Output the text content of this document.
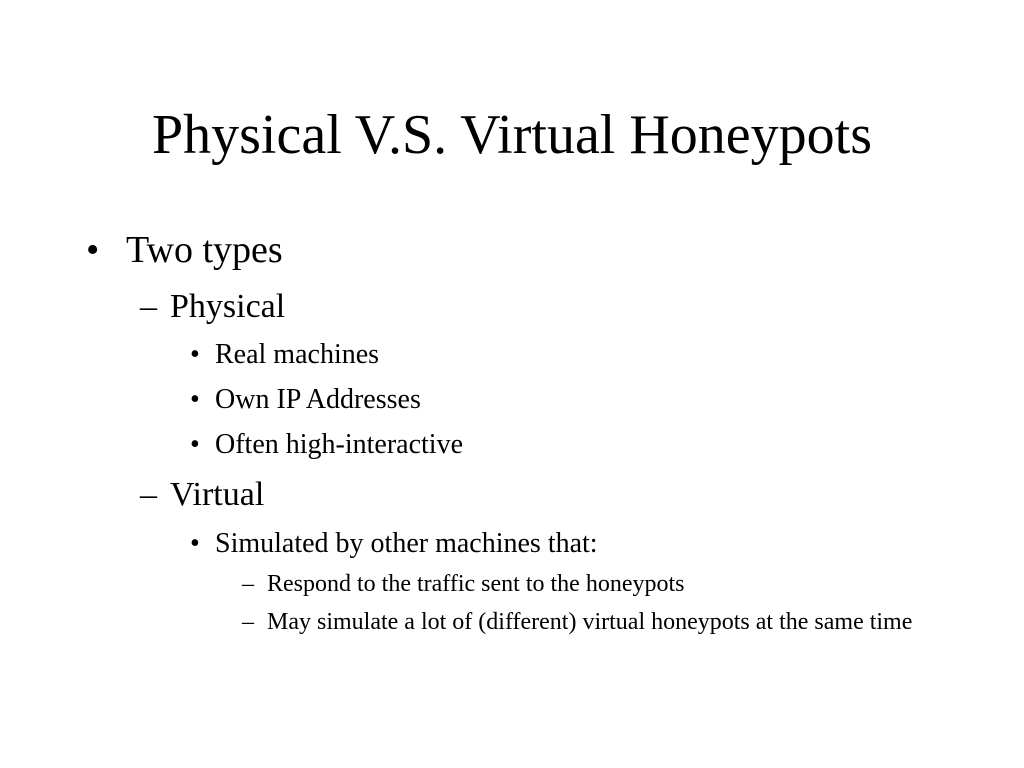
Physical V.S. Virtual Honeypots
• Two types
– Physical
• Real machines
• Own IP Addresses
• Often high-interactive
– Virtual
• Simulated by other machines that:
– Respond to the traffic sent to the honeypots
– May simulate a lot of (different) virtual honeypots at the same time
